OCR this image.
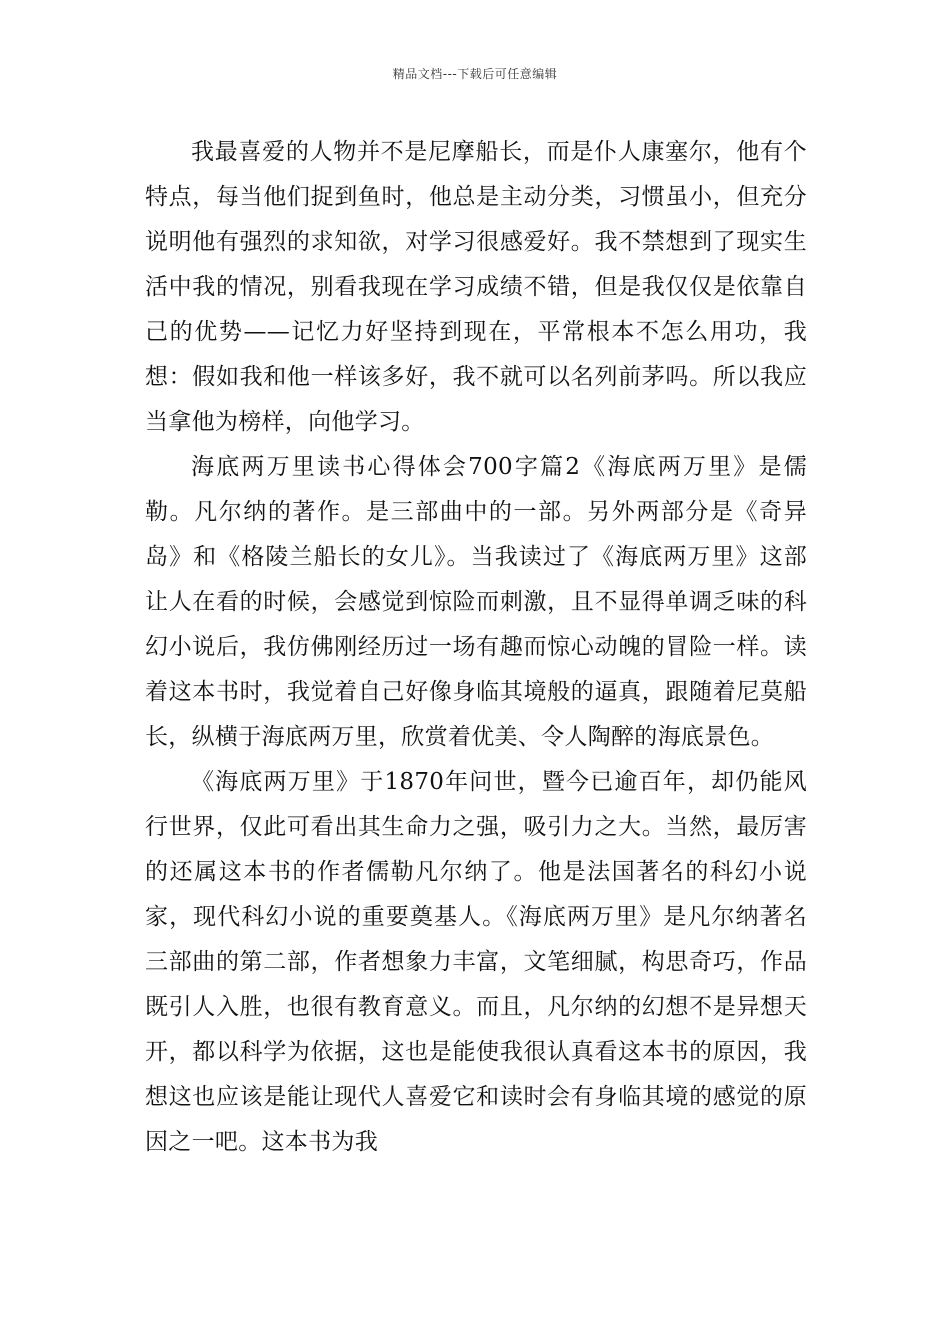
精品文档---下载后可任意编辑

我最喜爱的人物并不是尼摩船长，而是仆人康塞尔，他有个特点，每当他们捉到鱼时，他总是主动分类，习惯虽小，但充分说明他有强烈的求知欲，对学习很感爱好。我不禁想到了现实生活中我的情况，别看我现在学习成绩不错，但是我仅仅是依靠自己的优势——记忆力好坚持到现在，平常根本不怎么用功，我想：假如我和他一样该多好，我不就可以名列前茅吗。所以我应当拿他为榜样，向他学习。

海底两万里读书心得体会700字篇2《海底两万里》是儒勒。凡尔纳的著作。是三部曲中的一部。另外两部分是《奇异岛》和《格陵兰船长的女儿》。当我读过了《海底两万里》这部让人在看的时候，会感觉到惊险而刺激，且不显得单调乏味的科幻小说后，我仿佛刚经历过一场有趣而惊心动魄的冒险一样。读着这本书时，我觉着自己好像身临其境般的逼真，跟随着尼莫船长，纵横于海底两万里，欣赏着优美、令人陶醉的海底景色。

《海底两万里》于1870年问世，暨今已逾百年，却仍能风行世界，仅此可看出其生命力之强，吸引力之大。当然，最厉害的还属这本书的作者儒勒凡尔纳了。他是法国著名的科幻小说家，现代科幻小说的重要奠基人。《海底两万里》是凡尔纳著名三部曲的第二部，作者想象力丰富，文笔细腻，构思奇巧，作品既引人入胜，也很有教育意义。而且，凡尔纳的幻想不是异想天开，都以科学为依据，这也是能使我很认真看这本书的原因，我想这也应该是能让现代人喜爱它和读时会有身临其境的感觉的原因之一吧。这本书为我
